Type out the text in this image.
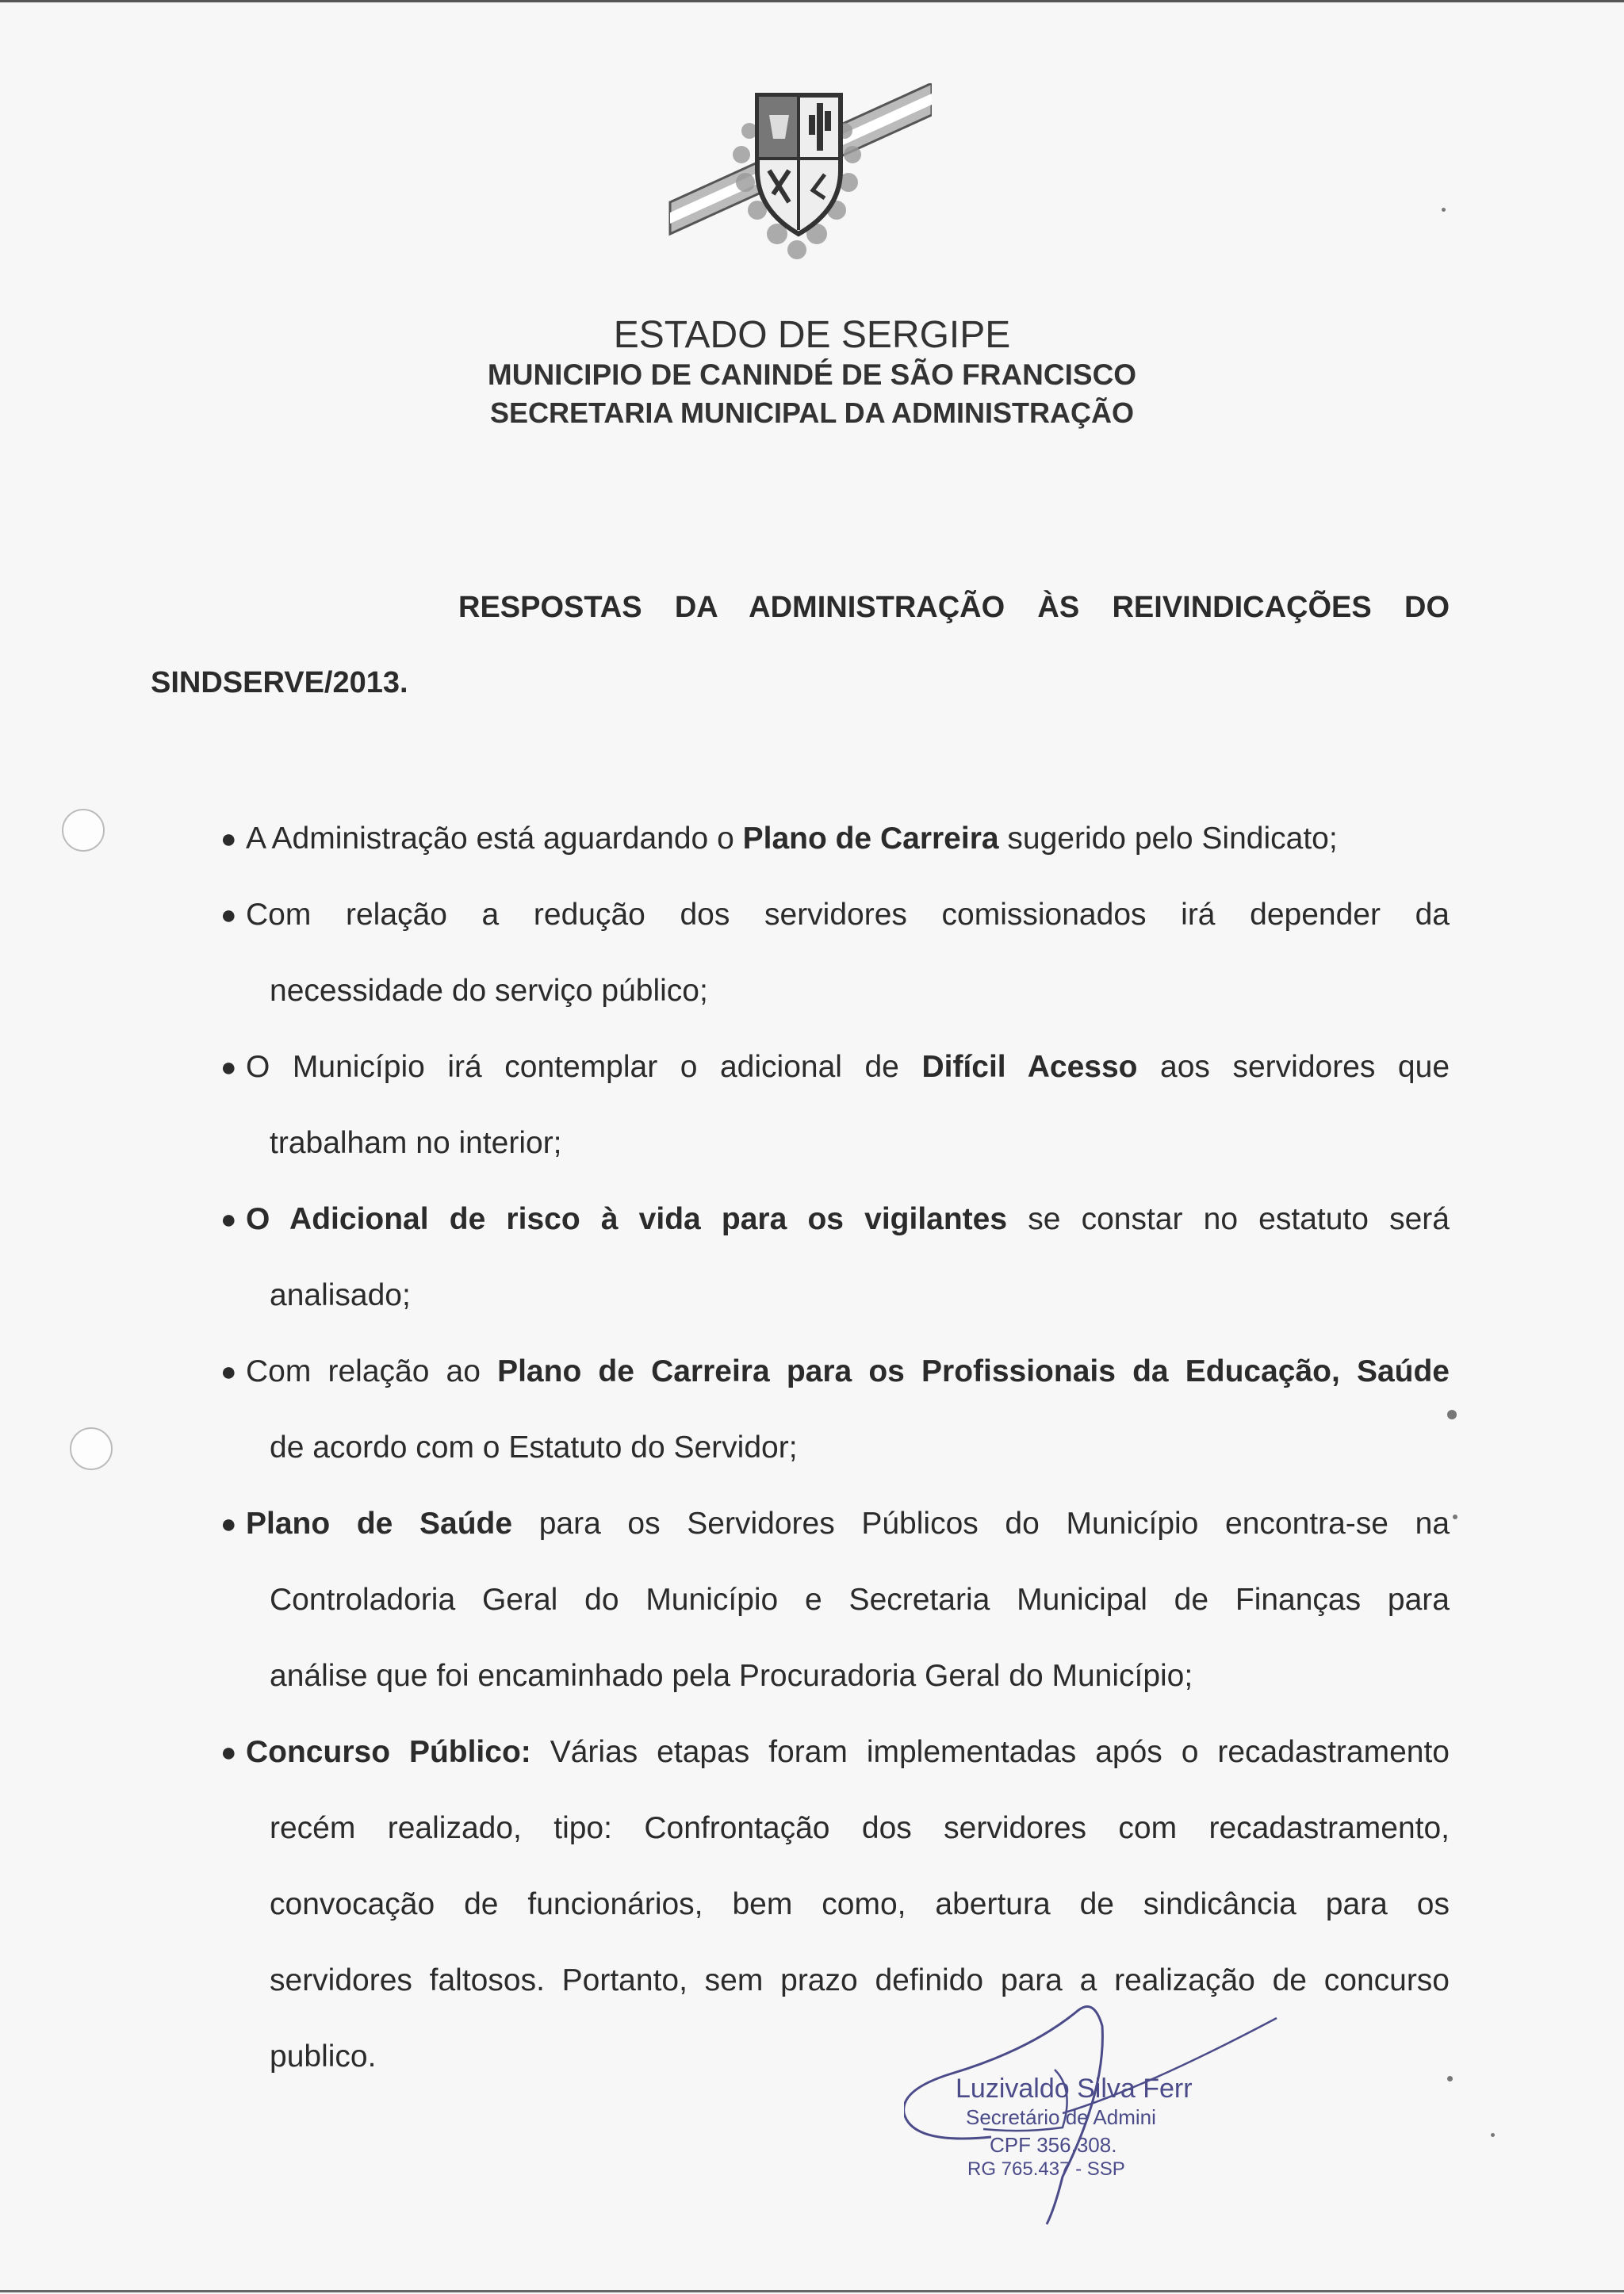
ESTADO DE SERGIPE
MUNICIPIO DE CANINDÉ DE SÃO FRANCISCO
SECRETARIA MUNICIPAL DA ADMINISTRAÇÃO
RESPOSTAS DA ADMINISTRAÇÃO ÀS REIVINDICAÇÕES DO
SINDSERVE/2013.
● A Administração está aguardando o Plano de Carreira sugerido pelo Sindicato;
● Com relação a redução dos servidores comissionados irá depender da
necessidade do serviço público;
● O Município irá contemplar o adicional de Difícil Acesso aos servidores que
trabalham no interior;
● O Adicional de risco à vida para os vigilantes se constar no estatuto será
analisado;
● Com relação ao Plano de Carreira para os Profissionais da Educação, Saúde
de acordo com o Estatuto do Servidor;
● Plano de Saúde para os Servidores Públicos do Município encontra-se na
Controladoria Geral do Município e Secretaria Municipal de Finanças para
análise que foi encaminhado pela Procuradoria Geral do Município;
● Concurso Público: Várias etapas foram implementadas após o recadastramento
recém realizado, tipo: Confrontação dos servidores com recadastramento,
convocação de funcionários, bem como, abertura de sindicância para os
servidores faltosos. Portanto, sem prazo definido para a realização de concurso
publico.
Luzivaldo Silva Ferr
Secretário de Admini
CPF 356.308.
RG 765.437 - SSP
